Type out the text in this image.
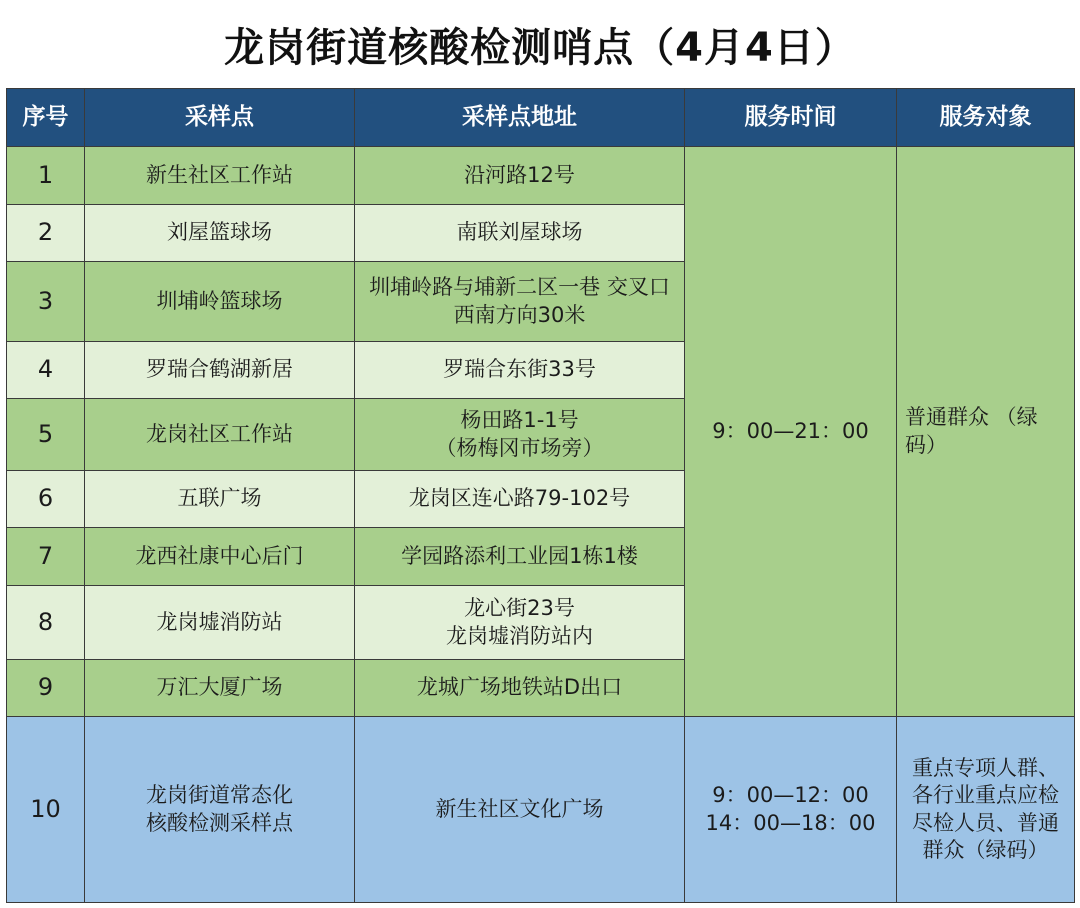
龙岗街道核酸检测哨点（4月4日）
序号	采样点	采样点地址	服务时间	服务对象
1	新生社区工作站	沿河路12号	9：00—21：00	普通群众 （绿
码）
2	刘屋篮球场	南联刘屋球场		
3	圳埔岭篮球场	圳埔岭路与埔新二区一巷 交叉口
西南方向30米		
4	罗瑞合鹤湖新居	罗瑞合东街33号		
5	龙岗社区工作站	杨田路1-1号
（杨梅冈市场旁）		
6	五联广场	龙岗区连心路79-102号		
7	龙西社康中心后门	学园路添利工业园1栋1楼		
8	龙岗墟消防站	龙心街23号
龙岗墟消防站内		
9	万汇大厦广场	龙城广场地铁站D出口		
10	龙岗街道常态化
核酸检测采样点	新生社区文化广场	9：00—12：00
14：00—18：00	重点专项人群、
各行业重点应检
尽检人员、普通
群众（绿码）
